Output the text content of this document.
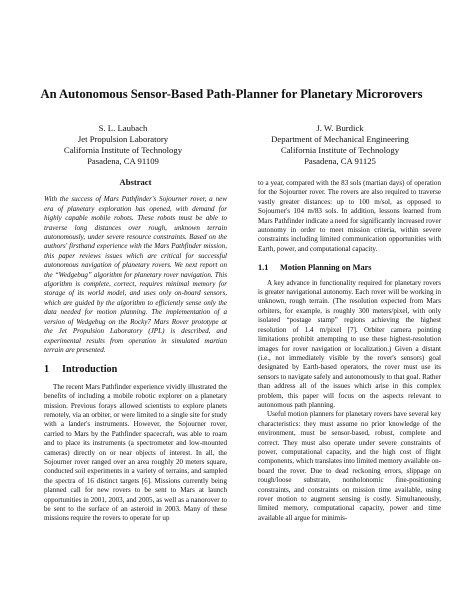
An Autonomous Sensor-Based Path-Planner for Planetary Microrovers
S. L. Laubach
Jet Propulsion Laboratory
California Institute of Technology
Pasadena, CA 91109
J. W. Burdick
Department of Mechanical Engineering
California Institute of Technology
Pasadena, CA 91125
Abstract

With the success of Mars Pathfinder's Sojourner rover, a new era of planetary exploration has opened, with demand for highly capable mobile robots. These robots must be able to traverse long distances over rough, unknown terrain autonomously, under severe resource constraints. Based on the authors' firsthand experience with the Mars Pathfinder mission, this paper reviews issues which are critical for successful autonomous navigation of planetary rovers. We next report on the “Wedgebug” algorithm for planetary rover navigation. This algorithm is complete, correct, requires minimal memory for storage of its world model, and uses only on-board sensors, which are guided by the algorithm to efficiently sense only the data needed for motion planning. The implementation of a version of Wedgebug on the Rocky7 Mars Rover prototype at the Jet Propulsion Laboratory (JPL) is described, and experimental results from operation in simulated martian terrain are presented.

1 Introduction

The recent Mars Pathfinder experience vividly illustrated the benefits of including a mobile robotic explorer on a planetary mission. Previous forays allowed scientists to explore planets remotely, via an orbiter, or were limited to a single site for study with a lander's instruments. However, the Sojourner rover, carried to Mars by the Pathfinder spacecraft, was able to roam and to place its instruments (a spectrometer and low-mounted cameras) directly on or near objects of interest. In all, the Sojourner rover ranged over an area roughly 20 meters square, conducted soil experiments in a variety of terrains, and sampled the spectra of 16 distinct targets [6]. Missions currently being planned call for new rovers to be sent to Mars at launch opportunities in 2001, 2003, and 2005, as well as a nanorover to be sent to the surface of an asteroid in 2003. Many of these missions require the rovers to operate for up

to a year, compared with the 83 sols (martian days) of operation for the Sojourner rover. The rovers are also required to traverse vastly greater distances: up to 100 m/sol, as opposed to Sojourner's 104 m/83 sols. In addition, lessons learned from Mars Pathfinder indicate a need for significantly increased rover autonomy in order to meet mission criteria, within severe constraints including limited communication opportunities with Earth, power, and computational capacity.

1.1 Motion Planning on Mars

A key advance in functionality required for planetary rovers is greater navigational autonomy. Each rover will be working in unknown, rough terrain. (The resolution expected from Mars orbiters, for example, is roughly 300 meters/pixel, with only isolated “postage stamp” regions achieving the highest resolution of 1.4 m/pixel [7]. Orbiter camera pointing limitations prohibit attempting to use these highest-resolution images for rover navigation or localization.) Given a distant (i.e., not immediately visible by the rover's sensors) goal designated by Earth-based operators, the rover must use its sensors to navigate safely and autonomously to that goal. Rather than address all of the issues which arise in this complex problem, this paper will focus on the aspects relevant to autonomous path planning.

Useful motion planners for planetary rovers have several key characteristics: they must assume no prior knowledge of the environment, must be sensor-based, robust, complete and correct. They must also operate under severe constraints of power, computational capacity, and the high cost of flight components, which translates into limited memory available on-board the rover. Due to dead reckoning errors, slippage on rough/loose substrate, nonholonomic fine-positioning constraints, and constraints on mission time available, using rover motion to augment sensing is costly. Simultaneously, limited memory, computational capacity, power and time available all argue for minimis-
